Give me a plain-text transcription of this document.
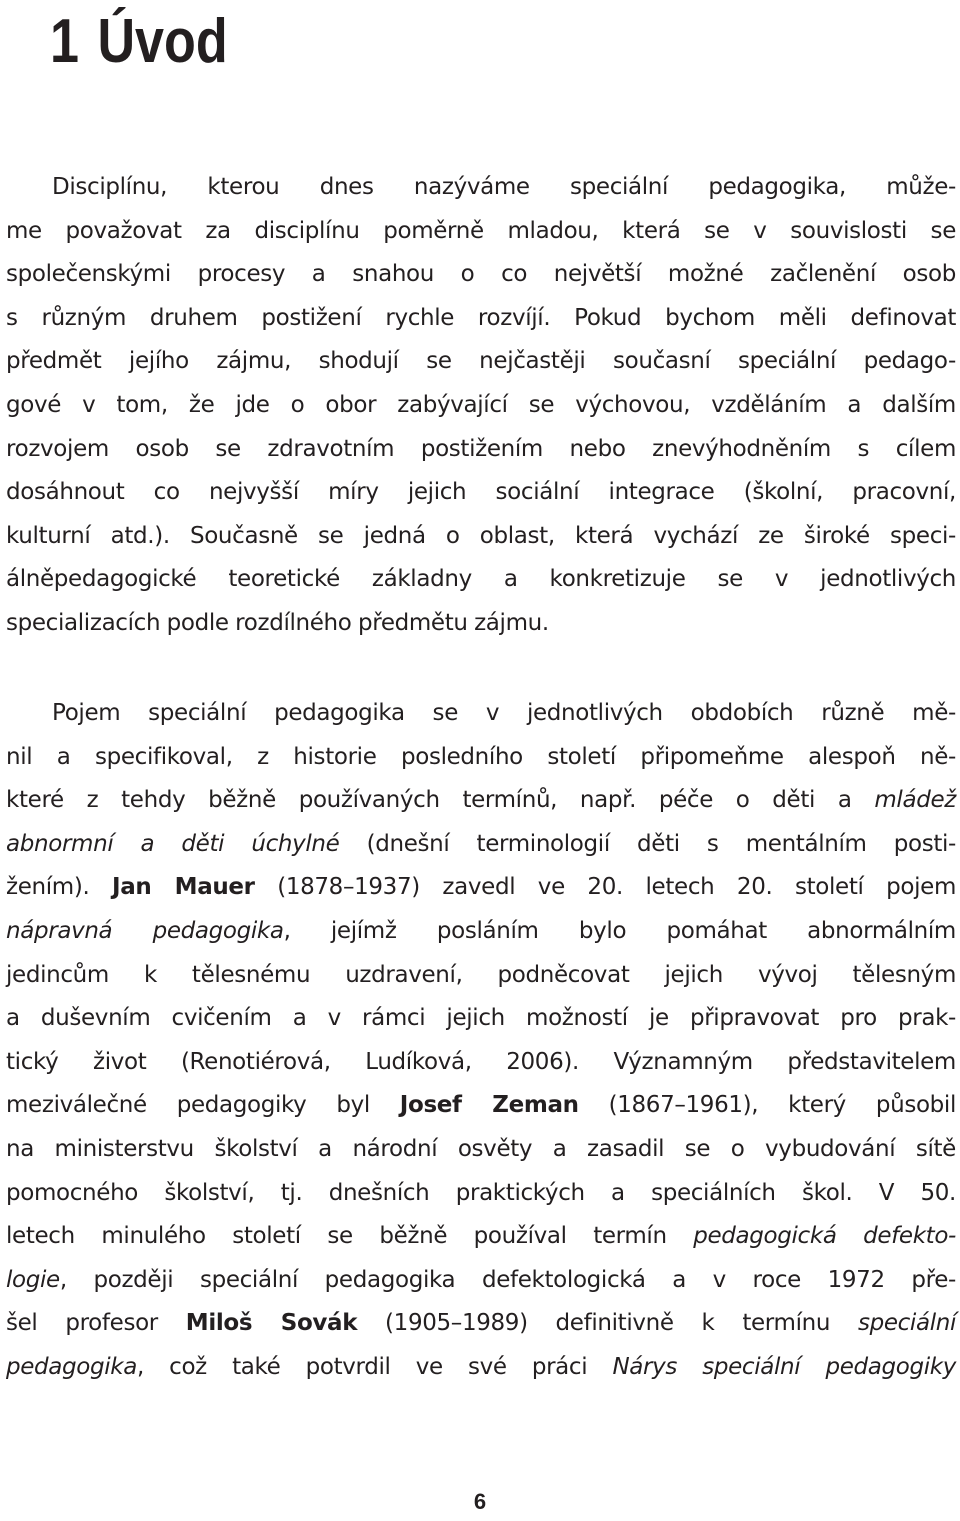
1 Úvod
Disciplínu, kterou dnes nazýváme speciální pedagogika, může-
me považovat za disciplínu poměrně mladou, která se v souvislosti se
společenskými procesy a snahou o co největší možné začlenění osob
s různým druhem postižení rychle rozvíjí. Pokud bychom měli definovat
předmět jejího zájmu, shodují se nejčastěji současní speciální pedago-
gové v tom, že jde o obor zabývající se výchovou, vzděláním a dalším
rozvojem osob se zdravotním postižením nebo znevýhodněním s cílem
dosáhnout co nejvyšší míry jejich sociální integrace (školní, pracovní,
kulturní atd.). Současně se jedná o oblast, která vychází ze široké speci-
álněpedagogické teoretické základny a konkretizuje se v jednotlivých
specializacích podle rozdílného předmětu zájmu.
Pojem speciální pedagogika se v jednotlivých obdobích různě mě-
nil a specifikoval, z historie posledního století připomeňme alespoň ně-
které z tehdy běžně používaných termínů, např. péče o děti a mládež
abnormní a děti úchylné (dnešní terminologií děti s mentálním posti-
žením). Jan Mauer (1878–1937) zavedl ve 20. letech 20. století pojem
nápravná pedagogika, jejímž posláním bylo pomáhat abnormálním
jedincům k tělesnému uzdravení, podněcovat jejich vývoj tělesným
a duševním cvičením a v rámci jejich možností je připravovat pro prak-
tický život (Renotiérová, Ludíková, 2006). Významným představitelem
meziválečné pedagogiky byl Josef Zeman (1867–1961), který působil
na ministerstvu školství a národní osvěty a zasadil se o vybudování sítě
pomocného školství, tj. dnešních praktických a speciálních škol. V 50.
letech minulého století se běžně používal termín pedagogická defekto-
logie, později speciální pedagogika defektologická a v roce 1972 pře-
šel profesor Miloš Sovák (1905–1989) definitivně k termínu speciální
pedagogika, což také potvrdil ve své práci Nárys speciální pedagogiky
6
